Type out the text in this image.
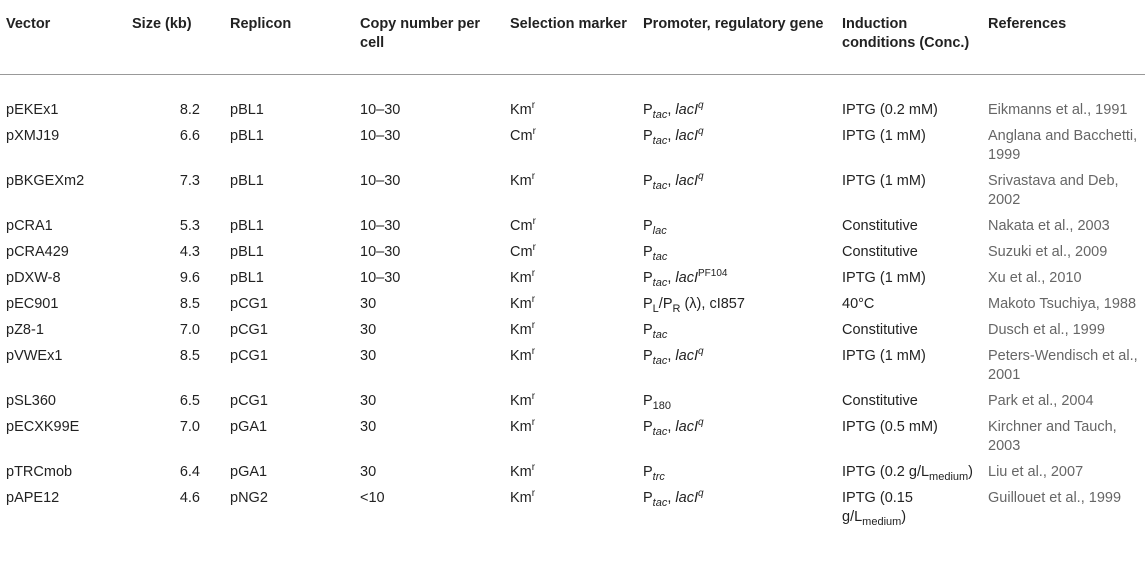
Vector	Size (kb)	Replicon	Copy number per cell	Selection marker	Promoter, regulatory gene	Induction conditions (Conc.)	References
pEKEx1	8.2	pBL1	10–30	Km$^r$	$P_{tac}$, lacI$^q$	IPTG (0.2 mM)	Eikmanns et al., 1991
pXMJ19	6.6	pBL1	10–30	Cm$^r$	$P_{tac}$, lacI$^q$	IPTG (1 mM)	Anglana and Bacchetti, 1999
pBKGEXm2	7.3	pBL1	10–30	Km$^r$	$P_{tac}$, lacI$^q$	IPTG (1 mM)	Srivastava and Deb, 2002
pCRA1	5.3	pBL1	10–30	Cm$^r$	$P_{lac}$	Constitutive	Nakata et al., 2003
pCRA429	4.3	pBL1	10–30	Cm$^r$	$P_{tac}$	Constitutive	Suzuki et al., 2009
pDXW-8	9.6	pBL1	10–30	Km$^r$	$P_{tac}$, lacI$^{PF104}$	IPTG (1 mM)	Xu et al., 2010
pEC901	8.5	pCG1	30	Km$^r$	$P_L/P_R$ (λ), cI857	40°C	Makoto Tsuchiya, 1988
pZ8-1	7.0	pCG1	30	Km$^r$	$P_{tac}$	Constitutive	Dusch et al., 1999
pVWEx1	8.5	pCG1	30	Km$^r$	$P_{tac}$, lacI$^q$	IPTG (1 mM)	Peters-Wendisch et al., 2001
pSL360	6.5	pCG1	30	Km$^r$	$P_{180}$	Constitutive	Park et al., 2004
pECXK99E	7.0	pGA1	30	Km$^r$	$P_{tac}$, lacI$^q$	IPTG (0.5 mM)	Kirchner and Tauch, 2003
pTRCmob	6.4	pGA1	30	Km$^r$	$P_{trc}$	IPTG (0.2 $g/L_{medium}$)	Liu et al., 2007
pAPE12	4.6	pNG2	<10	Km$^r$	$P_{tac}$, lacI$^q$	IPTG (0.15 $g/L_{medium}$)	Guillouet et al., 1999
